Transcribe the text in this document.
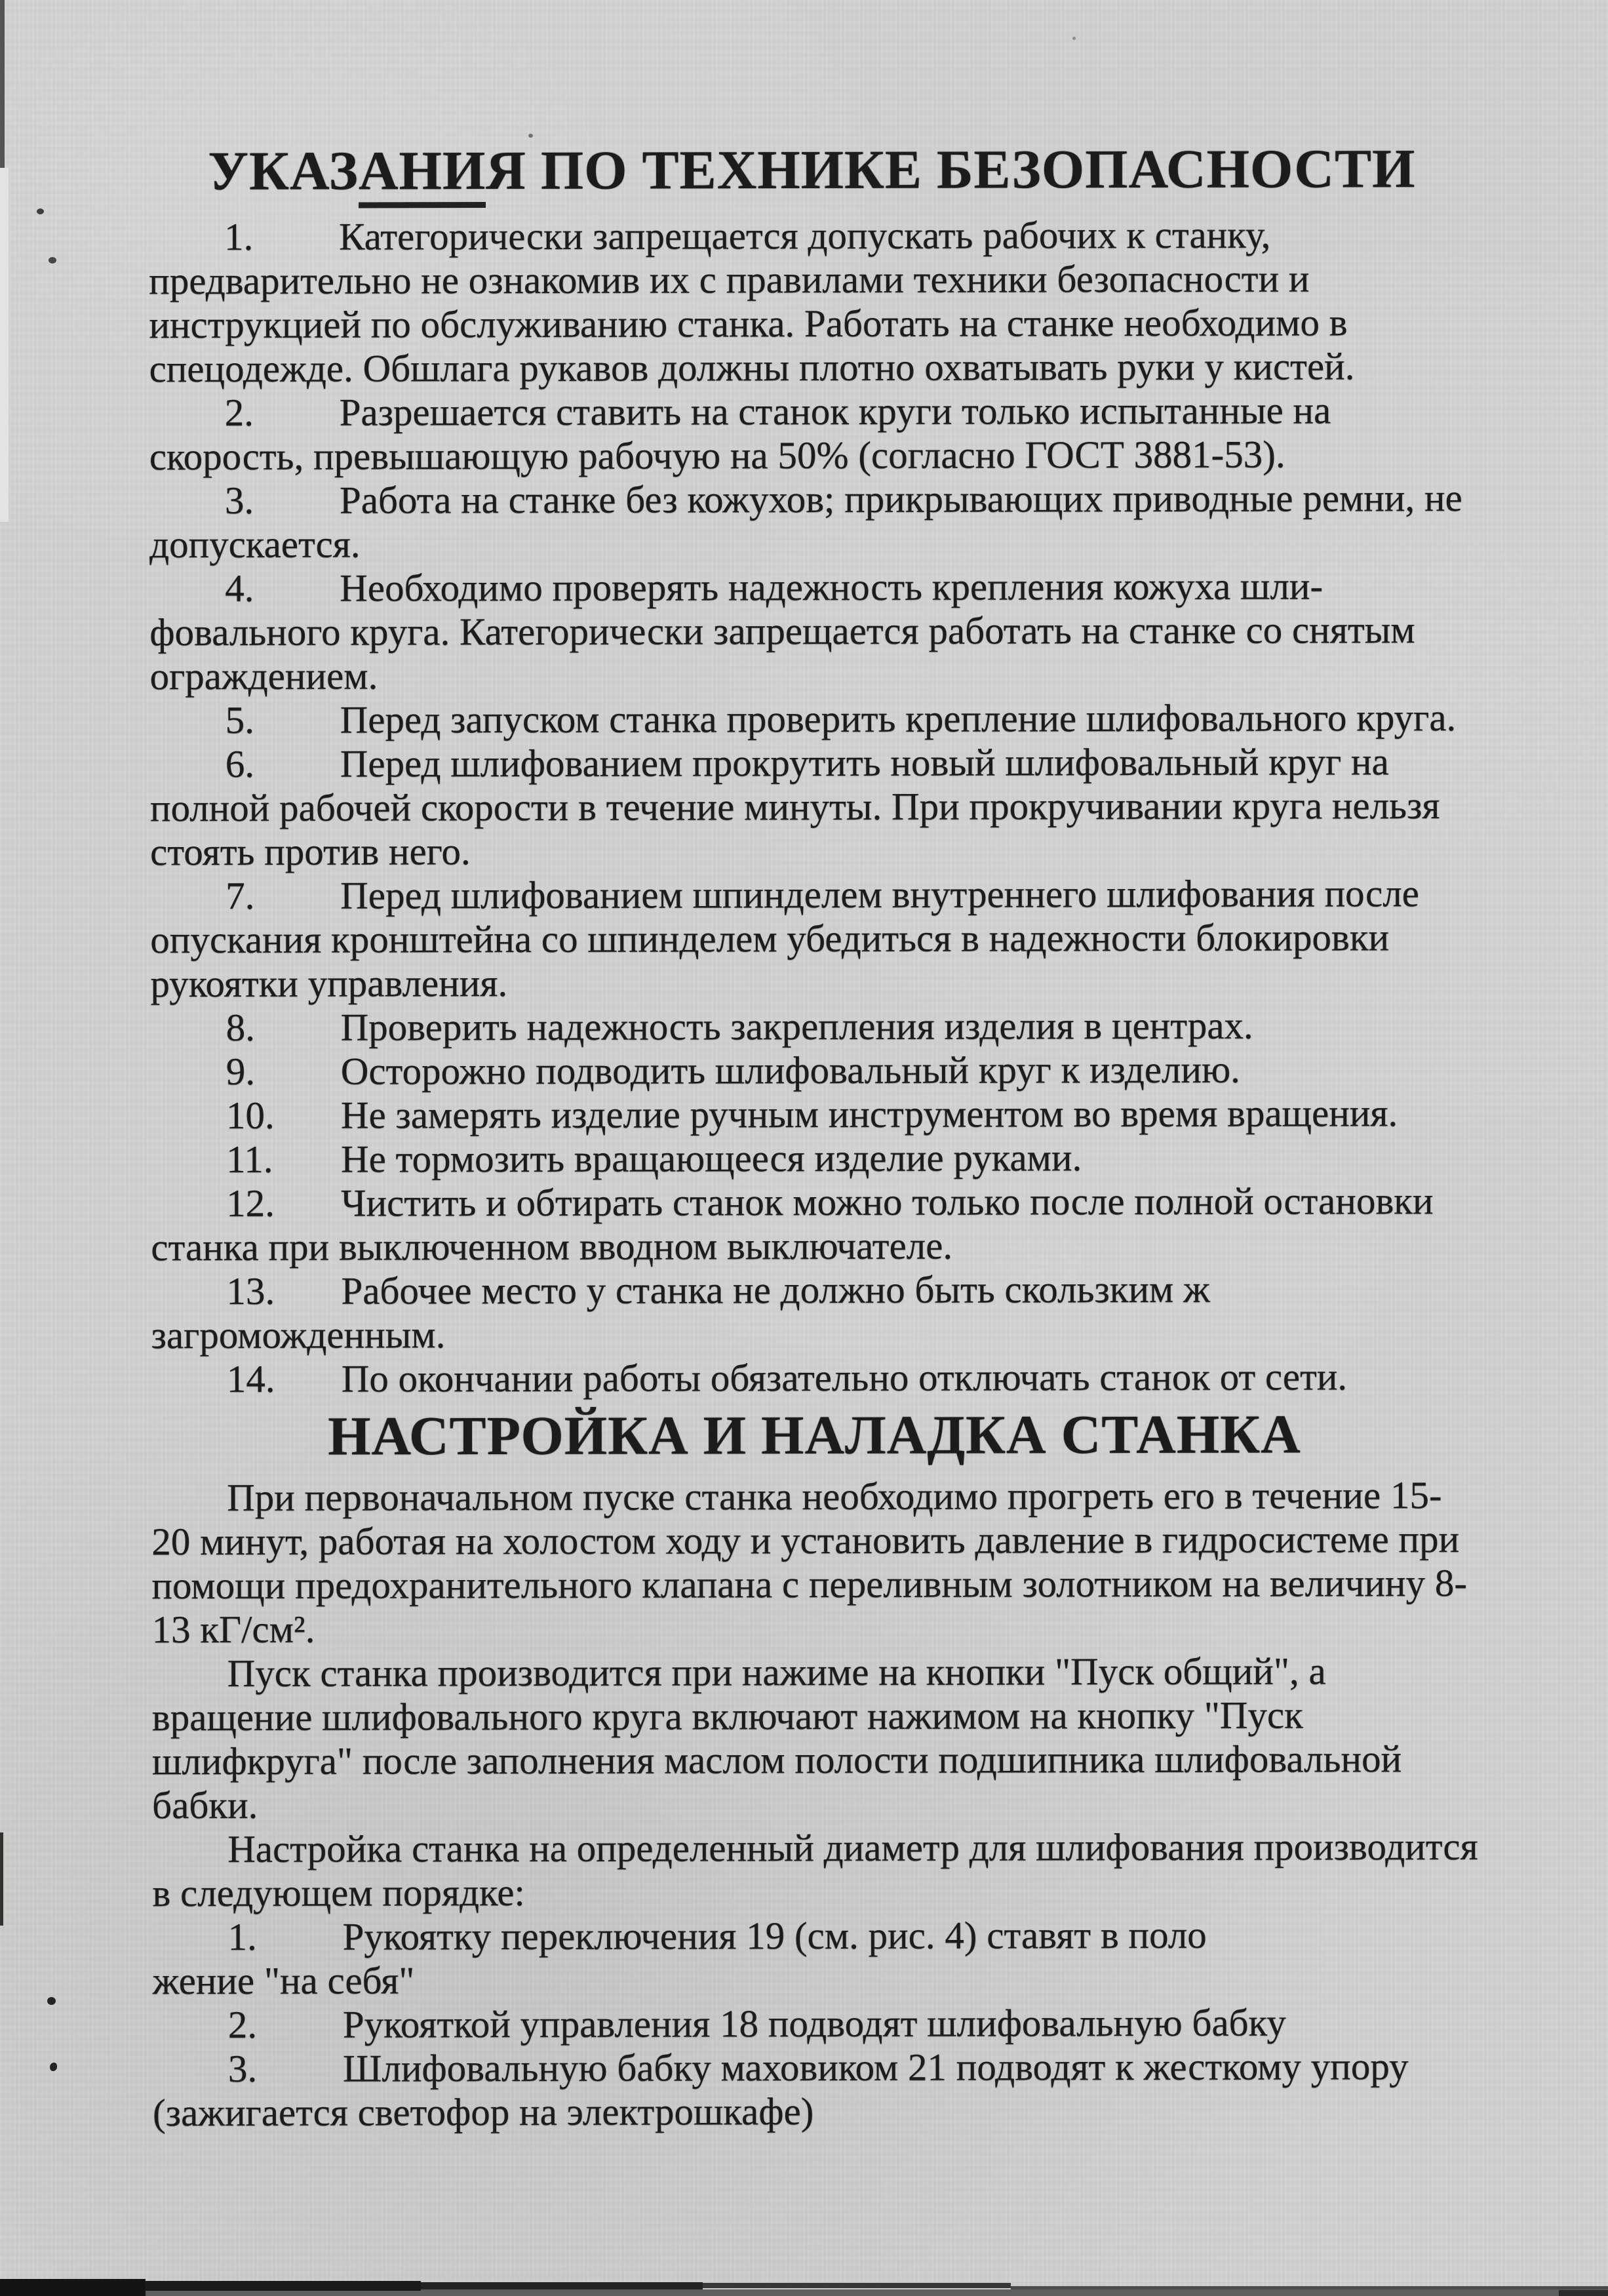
УКАЗАНИЯ ПО ТЕХНИКЕ БЕЗОПАСНОСТИ
1. Категорически запрещается допускать рабочих к станку,
предварительно не ознакомив их с правилами техники безопасности и
инструкцией по обслуживанию станка. Работать на станке необходимо в
спецодежде. Обшлага рукавов должны плотно охватывать руки у кистей.
2. Разрешается ставить на станок круги только испытанные на
скорость, превышающую рабочую на 50% (согласно ГОСТ 3881-53).
3. Работа на станке без кожухов; прикрывающих приводные ремни, не
допускается.
4. Необходимо проверять надежность крепления кожуха шли-
фовального круга. Категорически запрещается работать на станке со снятым
ограждением.
5. Перед запуском станка проверить крепление шлифовального круга.
6. Перед шлифованием прокрутить новый шлифовальный круг на
полной рабочей скорости в течение минуты. При прокручивании круга нельзя
стоять против него.
7. Перед шлифованием шпинделем внутреннего шлифования после
опускания кронштейна со шпинделем убедиться в надежности блокировки
рукоятки управления.
8. Проверить надежность закрепления изделия в центрах.
9. Осторожно подводить шлифовальный круг к изделию.
10. Не замерять изделие ручным инструментом во время вращения.
11. Не тормозить вращающееся изделие руками.
12. Чистить и обтирать станок можно только после полной остановки
станка при выключенном вводном выключателе.
13. Рабочее место у станка не должно быть скользким ж
загроможденным.
14. По окончании работы обязательно отключать станок от сети.
НАСТРОЙКА И НАЛАДКА СТАНКА
При первоначальном пуске станка необходимо прогреть его в течение 15-
20 минут, работая на холостом ходу и установить давление в гидросистеме при
помощи предохранительного клапана с переливным золотником на величину 8-
13 кГ/см².
Пуск станка производится при нажиме на кнопки "Пуск общий", а
вращение шлифовального круга включают нажимом на кнопку "Пуск
шлифкруга" после заполнения маслом полости подшипника шлифовальной
бабки.
Настройка станка на определенный диаметр для шлифования производится
в следующем порядке:
1. Рукоятку переключения 19 (см. рис. 4) ставят в поло
жение "на себя"
2. Рукояткой управления 18 подводят шлифовальную бабку
3. Шлифовальную бабку маховиком 21 подводят к жесткому упору
(зажигается светофор на электрошкафе)
